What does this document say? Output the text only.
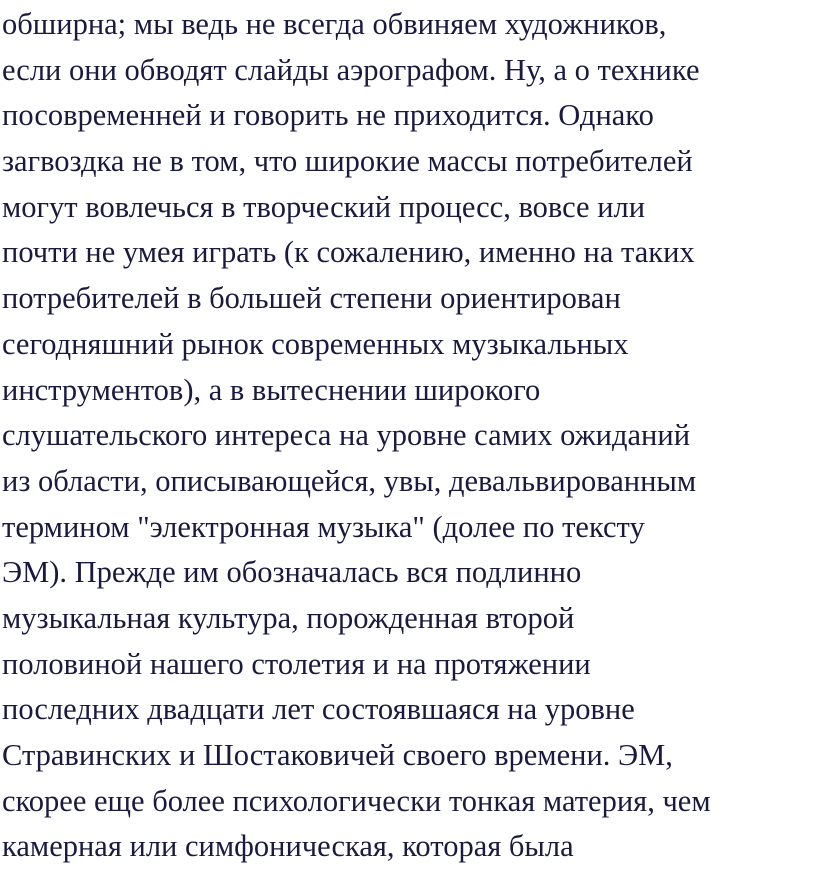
обширна; мы ведь не всегда обвиняем художников,
если они обводят слайды аэрографом. Ну, а о технике
посовременней и говорить не приходится. Однако
загвоздка не в том, что широкие массы потребителей
могут вовлечься в творческий процесс, вовсе или
почти не умея играть (к сожалению, именно на таких
потребителей в большей степени ориентирован
сегодняшний рынок современных музыкальных
инструментов), а в вытеснении широкого
слушательского интереса на уровне самих ожиданий
из области, описывающейся, увы, девальвированным
термином "электронная музыка" (долее по тексту
ЭМ). Прежде им обозначалась вся подлинно
музыкальная культура, порожденная второй
половиной нашего столетия и на протяжении
последних двадцати лет состоявшаяся на уровне
Стравинских и Шостаковичей своего времени. ЭМ,
скорее еще более психологически тонкая материя, чем
камерная или симфоническая, которая была
